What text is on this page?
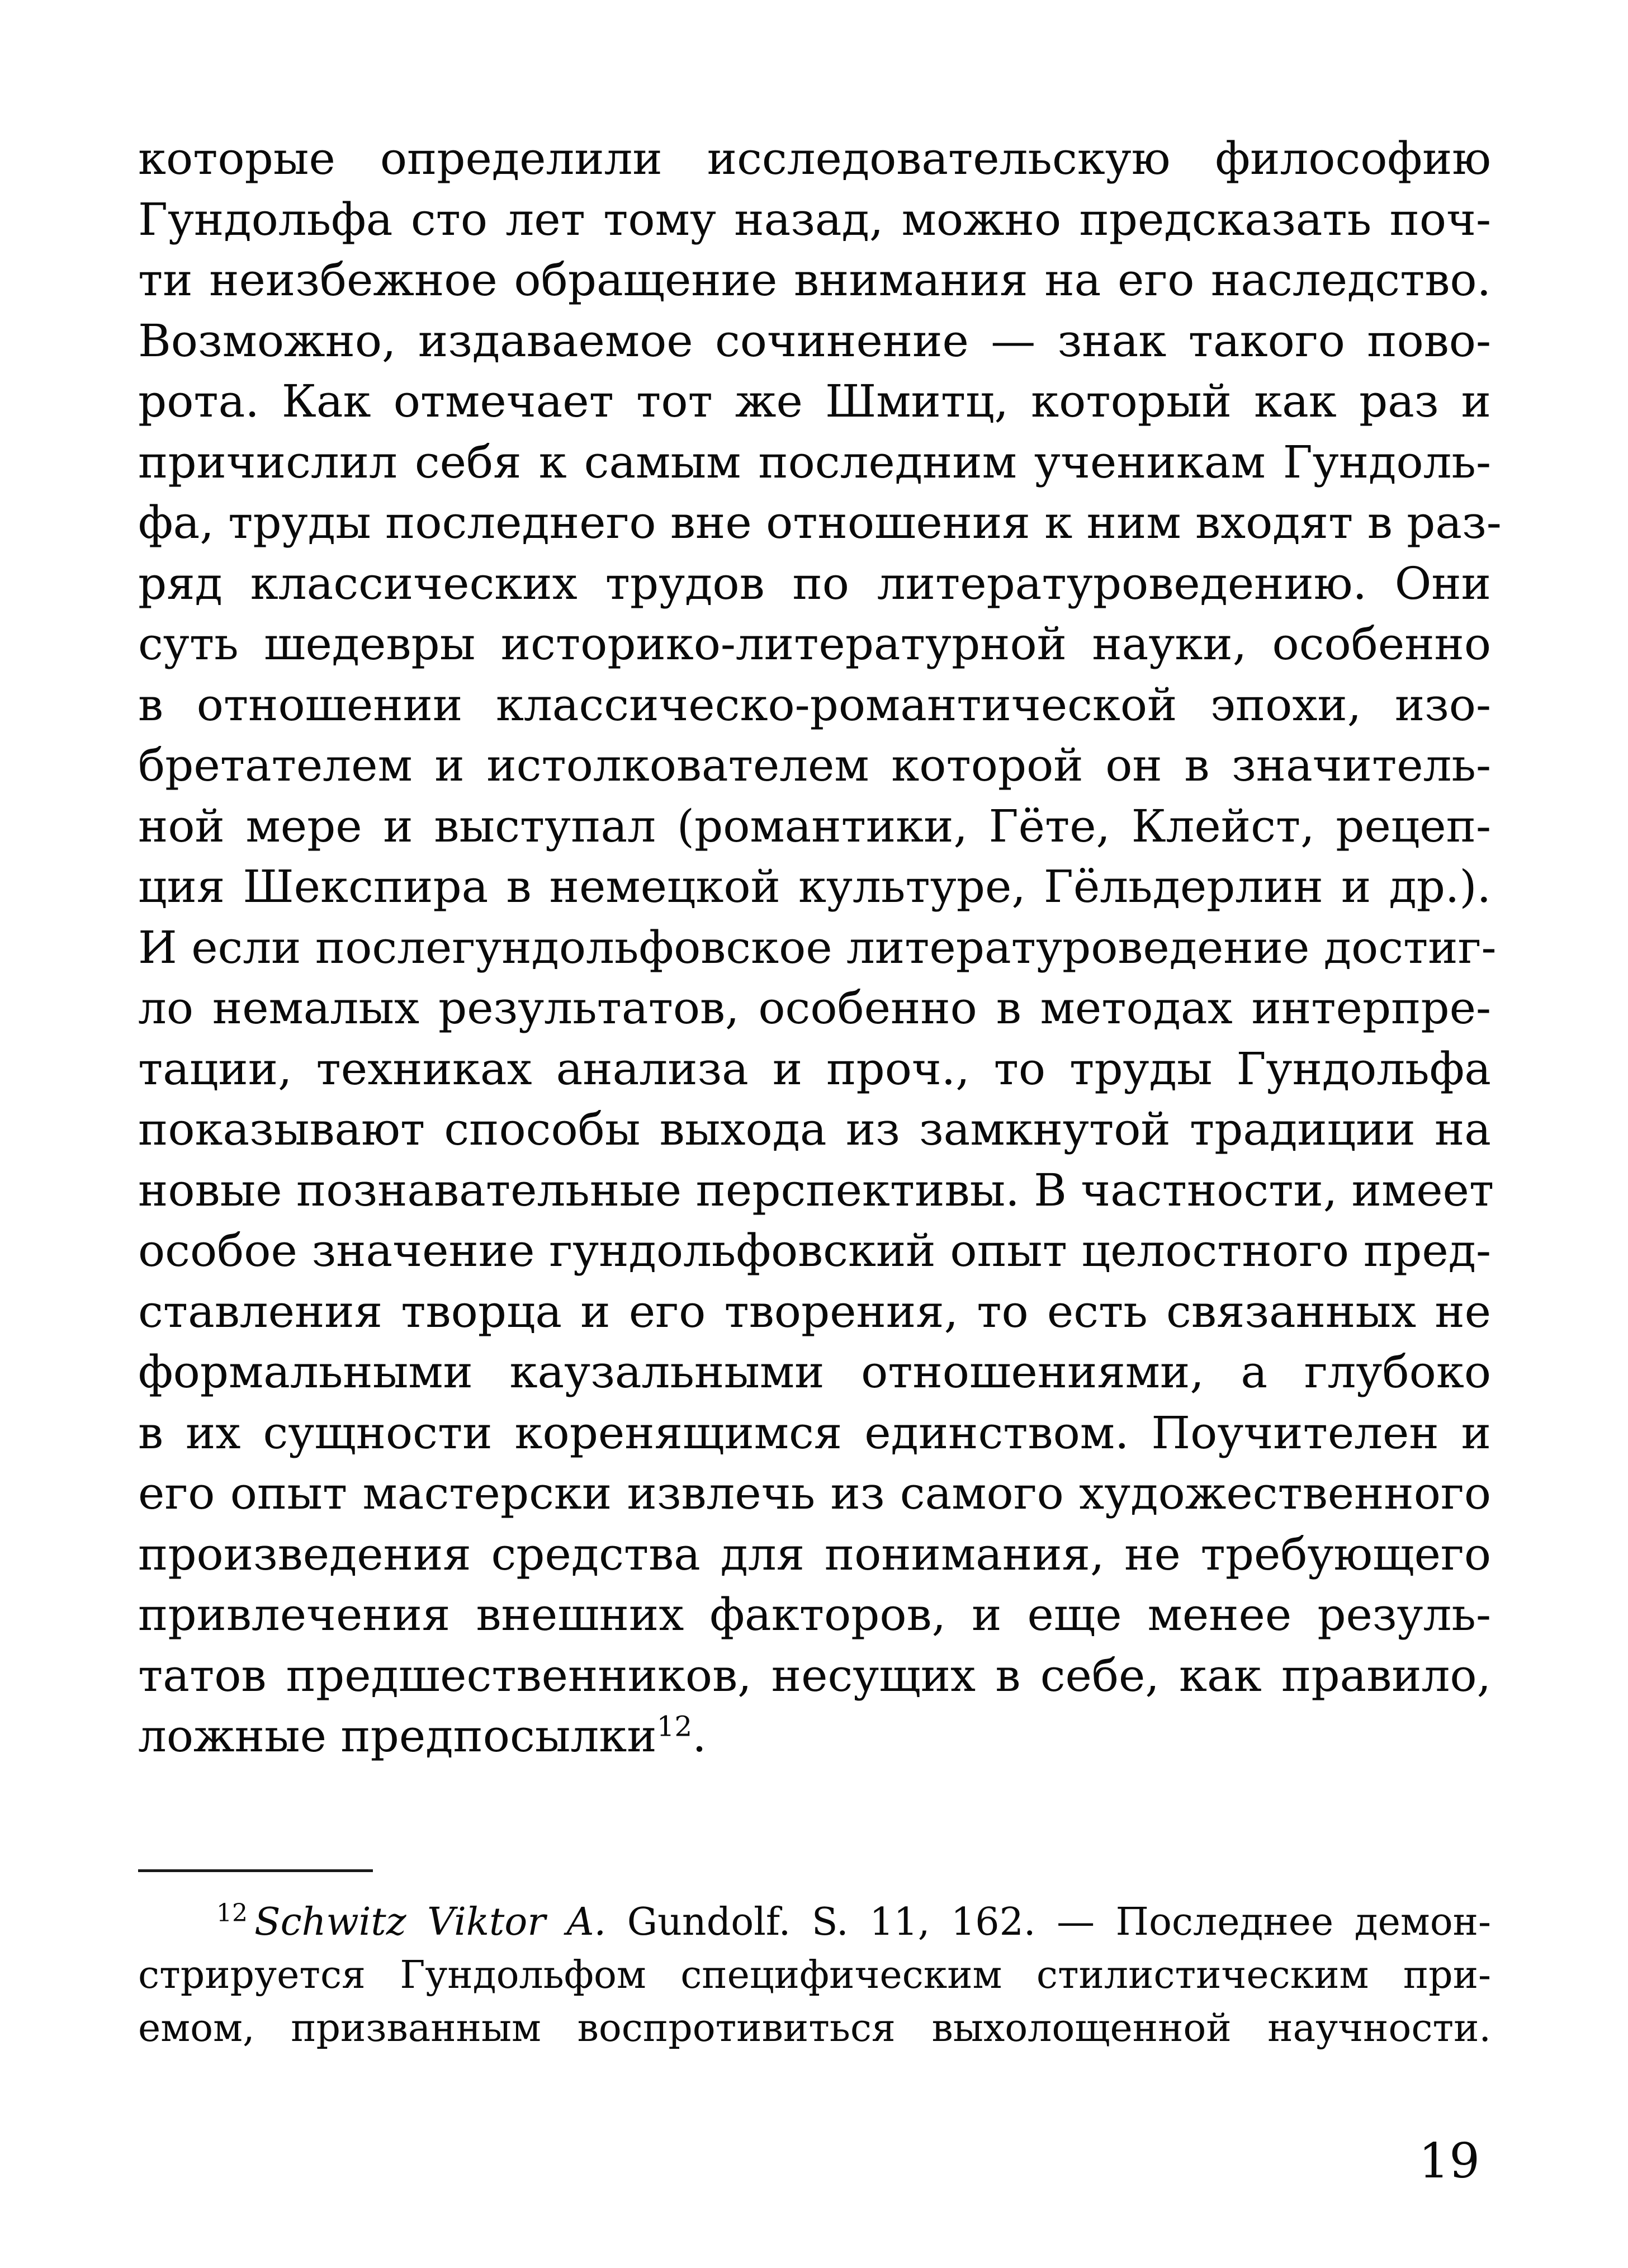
которые определили исследовательскую философию
Гундольфа сто лет тому назад, можно предсказать поч-
ти неизбежное обращение внимания на его наследство.
Возможно, издаваемое сочинение — знак такого пово-
рота. Как отмечает тот же Шмитц, который как раз и
причислил себя к самым последним ученикам Гундоль-
фа, труды последнего вне отношения к ним входят в раз-
ряд классических трудов по литературоведению. Они
суть шедевры историко-литературной науки, особенно
в отношении классическо-романтической эпохи, изо-
бретателем и истолкователем которой он в значитель-
ной мере и выступал (романтики, Гёте, Клейст, рецеп-
ция Шекспира в немецкой культуре, Гёльдерлин и др.).
И если послегундольфовское литературоведение достиг-
ло немалых результатов, особенно в методах интерпре-
тации, техниках анализа и проч., то труды Гундольфа
показывают способы выхода из замкнутой традиции на
новые познавательные перспективы. В частности, имеет
особое значение гундольфовский опыт целостного пред-
ставления творца и его творения, то есть связанных не
формальными каузальными отношениями, а глубоко
в их сущности коренящимся единством. Поучителен и
его опыт мастерски извлечь из самого художественного
произведения средства для понимания, не требующего
привлечения внешних факторов, и еще менее резуль-
татов предшественников, несущих в себе, как правило,
ложные предпосылки$^{12}$.
$^{12}$ Schwitz Viktor A. Gundolf. S. 11, 162. — Последнее демон-
стрируется Гундольфом специфическим стилистическим при-
емом, призванным воспротивиться выхолощенной научности.
19
